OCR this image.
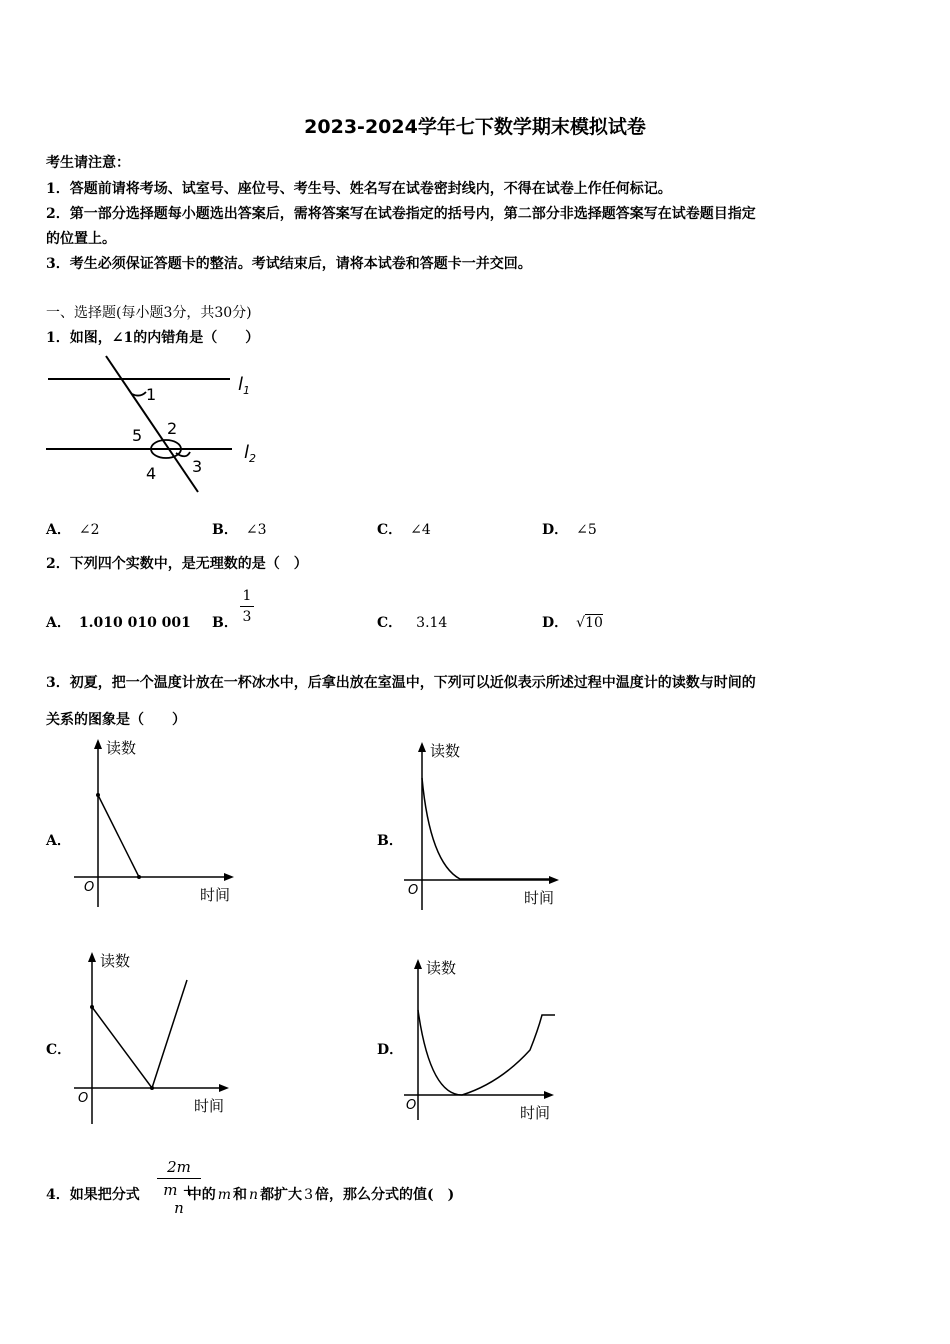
2023-2024学年七下数学期末模拟试卷
考生请注意：
1．答题前请将考场、试室号、座位号、考生号、姓名写在试卷密封线内，不得在试卷上作任何标记。
2．第一部分选择题每小题选出答案后，需将答案写在试卷指定的括号内，第二部分非选择题答案写在试卷题目指定
的位置上。
3．考生必须保证答题卡的整洁。考试结束后，请将本试卷和答题卡一并交回。
一、选择题(每小题3分，共30分)
1．如图，∠1的内错角是（　　）
$l_1$
$l_2$
1
2
3
4
5
A． ∠2	B． ∠3	C． ∠4	D． ∠5
2．下列四个实数中，是无理数的是（　）
A． 1.010 010 001 B．
1
3	C． 3.14	D． √10
3．初夏，把一个温度计放在一杯冰水中，后拿出放在室温中，下列可以近似表示所述过程中温度计的读数与时间的
关系的图象是（　　）
A．	B．
C．	D．
读数
时间
O
读数
时间
O
读数
时间
O
读数
时间
O
2m
m + n
4．如果把分式	中的 m 和 n 都扩大 3 倍，那么分式的值(　)
